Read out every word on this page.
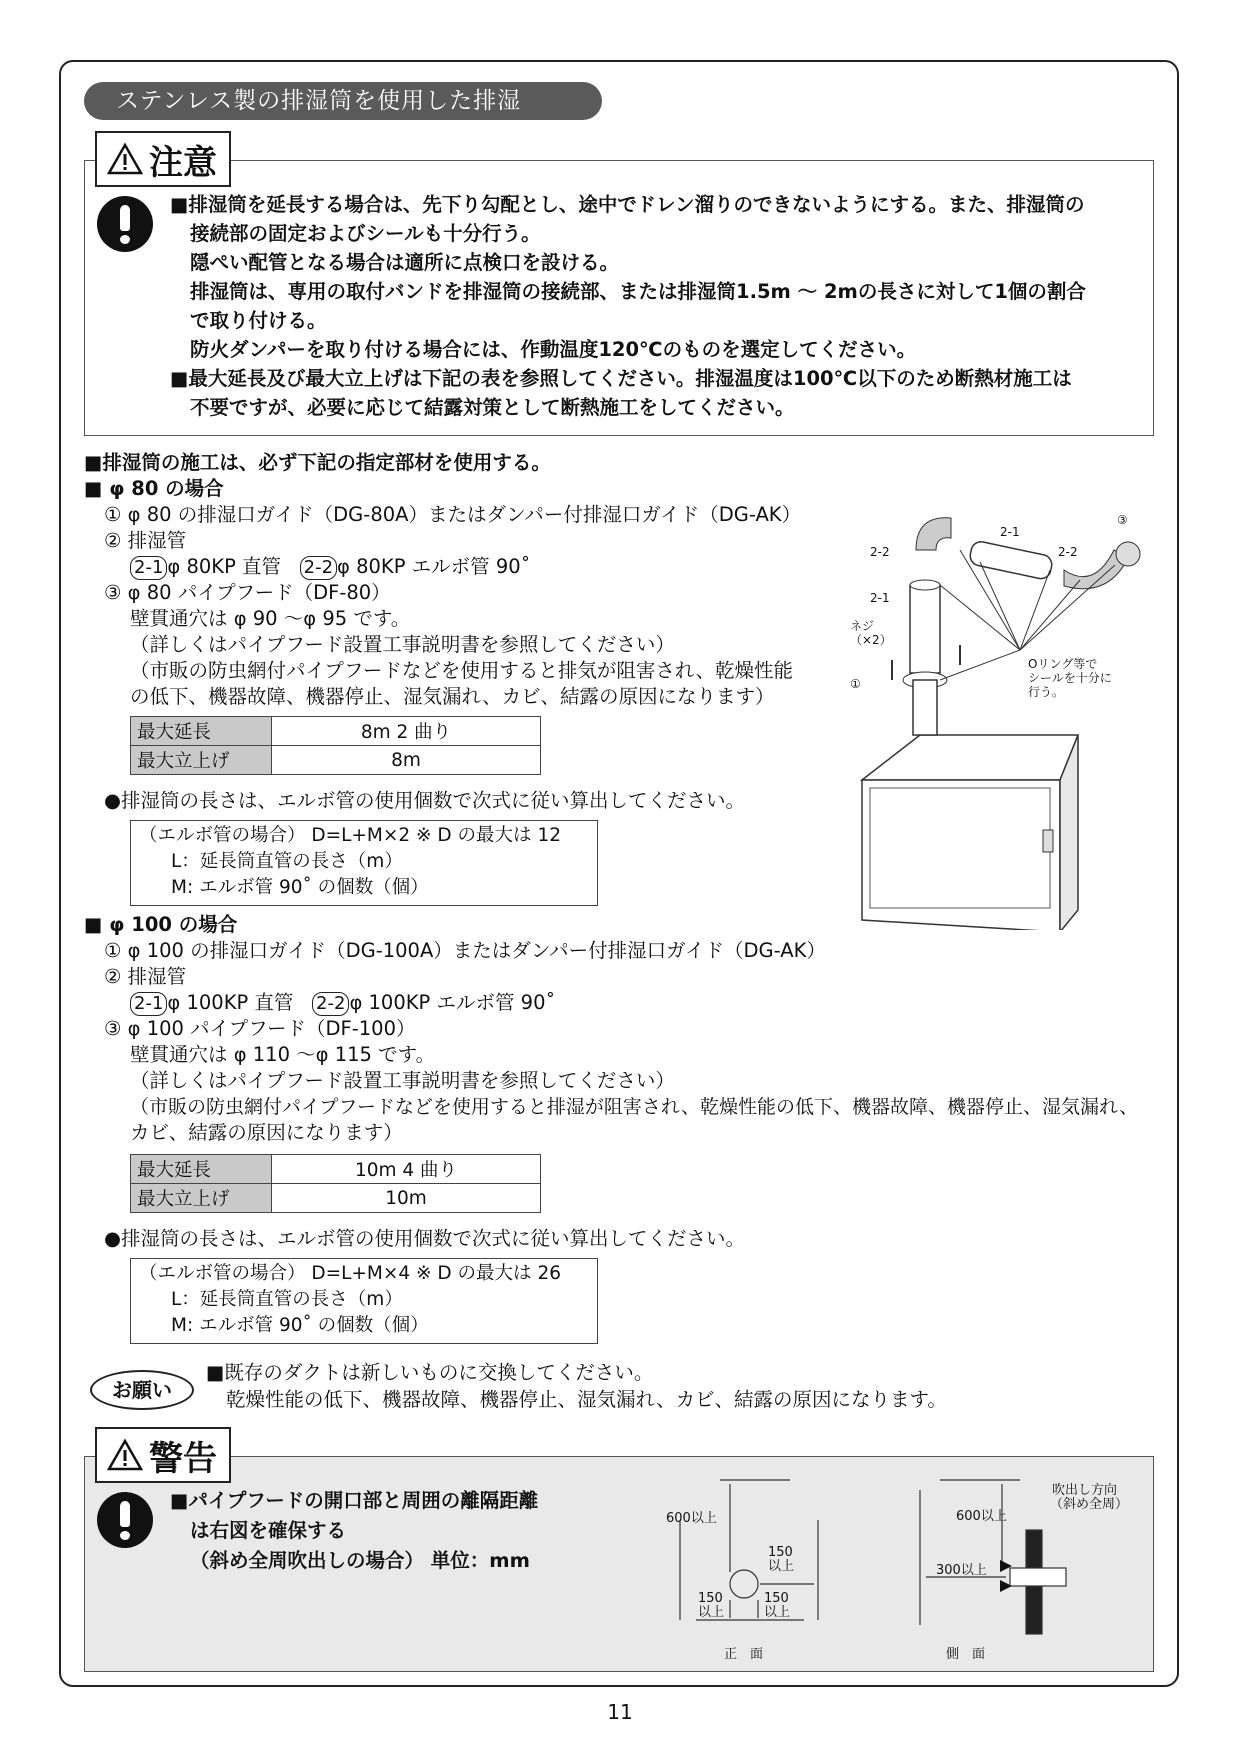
ステンレス製の排湿筒を使用した排湿
注意
■排湿筒を延長する場合は、先下り勾配とし、途中でドレン溜りのできないようにする。また、排湿筒の
接続部の固定およびシールも十分行う。
隠ぺい配管となる場合は適所に点検口を設ける。
排湿筒は、専用の取付バンドを排湿筒の接続部、または排湿筒1.5m ～ 2mの長さに対して1個の割合
で取り付ける。
防火ダンパーを取り付ける場合には、作動温度120℃のものを選定してください。
■最大延長及び最大立上げは下記の表を参照してください。排湿温度は100℃以下のため断熱材施工は
不要ですが、必要に応じて結露対策として断熱施工をしてください。
■排湿筒の施工は、必ず下記の指定部材を使用する。
■ φ 80 の場合
① φ 80 の排湿口ガイド（DG-80A）またはダンパー付排湿口ガイド（DG-AK）
② 排湿管
2-1 φ 80KP 直管 2-2 φ 80KP エルボ管 90˚
③ φ 80 パイプフード（DF-80）
壁貫通穴は φ 90 ～φ 95 です。
（詳しくはパイプフード設置工事説明書を参照してください）
（市販の防虫網付パイプフードなどを使用すると排気が阻害され、乾燥性能
の低下、機器故障、機器停止、湿気漏れ、カビ、結露の原因になります）
最大延長	8m 2 曲り
最大立上げ	8m
●排湿筒の長さは、エルボ管の使用個数で次式に従い算出してください。
（エルボ管の場合） D=L+M×2 ※ D の最大は 12
L：延長筒直管の長さ（m）
M: エルボ管 90˚ の個数（個）
■ φ 100 の場合
① φ 100 の排湿口ガイド（DG-100A）またはダンパー付排湿口ガイド（DG-AK）
② 排湿管
2-1 φ 100KP 直管 2-2 φ 100KP エルボ管 90˚
③ φ 100 パイプフード（DF-100）
壁貫通穴は φ 110 ～φ 115 です。
（詳しくはパイプフード設置工事説明書を参照してください）
（市販の防虫網付パイプフードなどを使用すると排湿が阻害され、乾燥性能の低下、機器故障、機器停止、湿気漏れ、
カビ、結露の原因になります）
最大延長	10m 4 曲り
最大立上げ	10m
●排湿筒の長さは、エルボ管の使用個数で次式に従い算出してください。
（エルボ管の場合） D=L+M×4 ※ D の最大は 26
L：延長筒直管の長さ（m）
M: エルボ管 90˚ の個数（個）
お願い
■既存のダクトは新しいものに交換してください。
乾燥性能の低下、機器故障、機器停止、湿気漏れ、カビ、結露の原因になります。
警告
■パイプフードの開口部と周囲の離隔距離
は右図を確保する
（斜め全周吹出しの場合） 単位：mm
2-2
2-1
2-2
③
2-1
ネジ
（×2）
①
Oリング等で
シールを十分に
行う。
600以上
150
以上
150
以上
150
以上
正　面
600以上
300以上
吹出し方向
（斜め全周）
側　面
11
